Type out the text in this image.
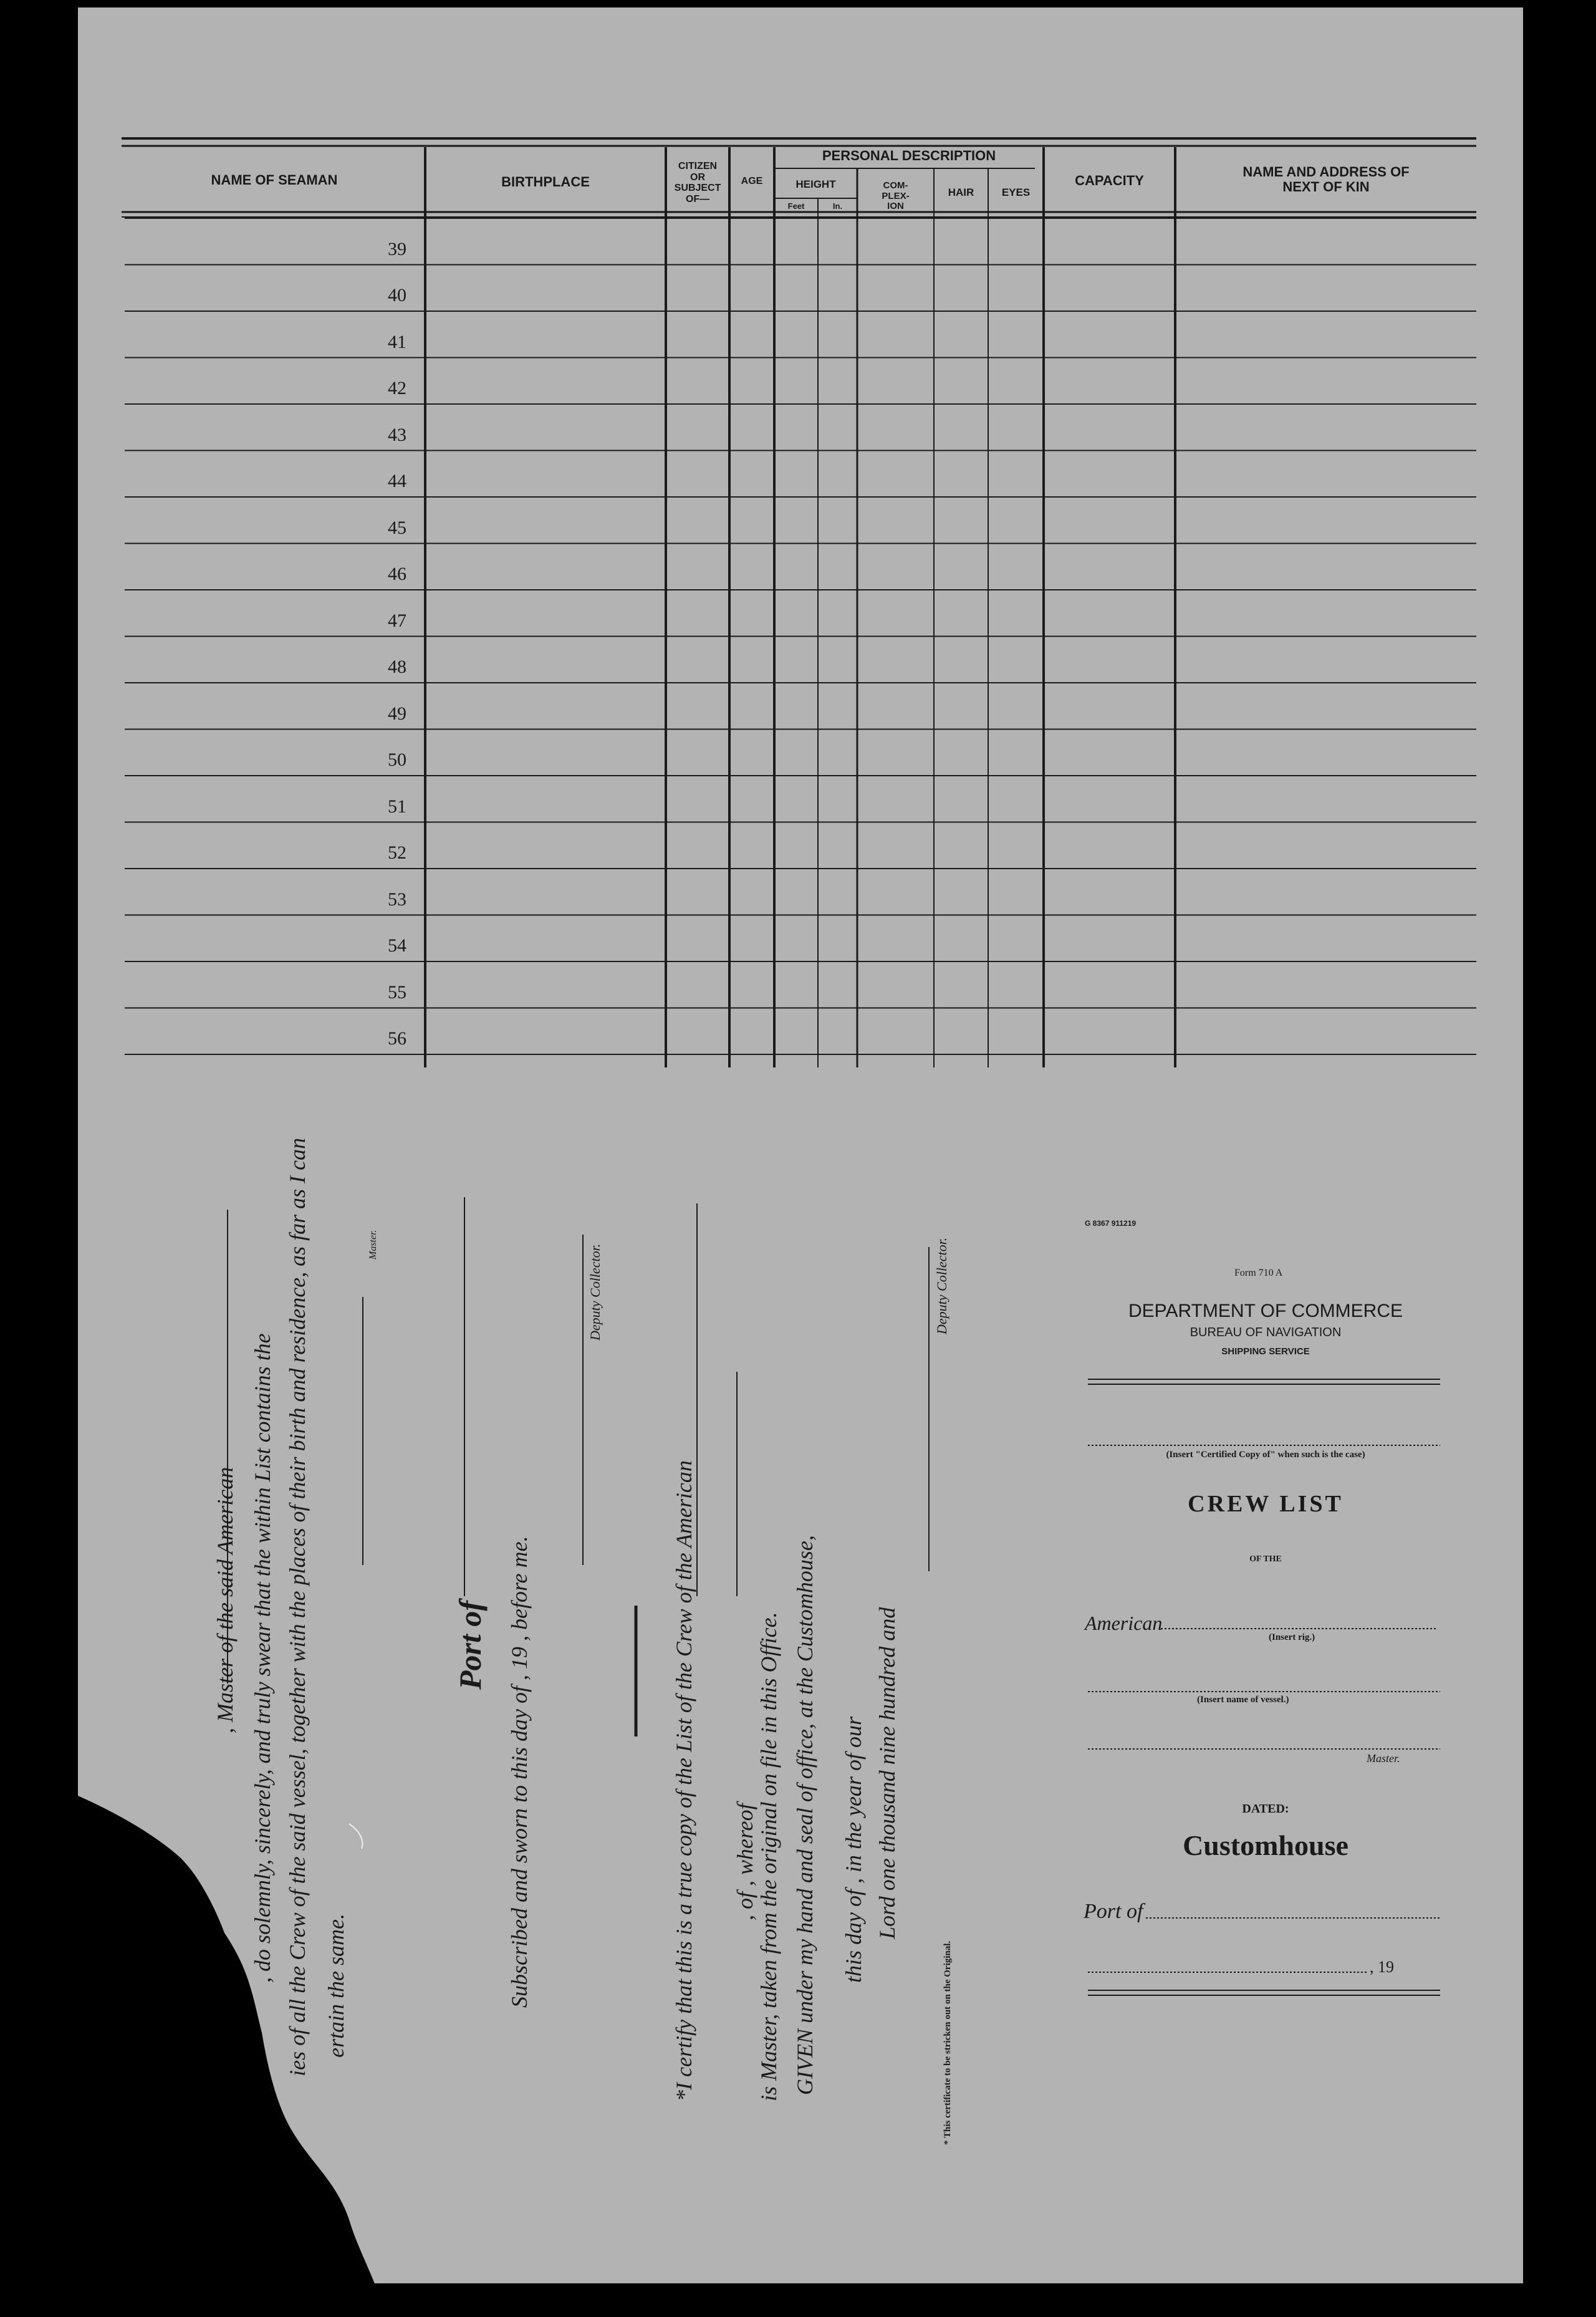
NAME OF SEAMAN	BIRTHPLACE
CITIZEN
OR
SUBJECT
OF—
AGE
PERSONAL DESCRIPTION
HEIGHT
Feet	In.
COM-
PLEX-
ION
HAIR	EYES
CAPACITY
NAME AND ADDRESS OF
NEXT OF KIN
39
40
41
42
43
44
45
46
47
48
49
50
51
52
53
54
55
56
, Master of the said American , do solemnly, sincerely, and truly swear that the within List contains the ies of all the Crew of the said vessel, together with the places of their birth and residence, as far as I can ertain the same.
Master.
Port of Subscribed and sworn to this day of , 19 , before me.
Deputy Collector.
*I certify that this is a true copy of the List of the Crew of the American , of , whereof
is Master, taken from the original on file in this Office. GIVEN under my hand and seal of office, at the Customhouse, this day of , in the year of our Lord one thousand nine hundred and
Deputy Collector.
* This certificate to be stricken out on the Original.
G 8367 911219
Form 710 A
DEPARTMENT OF COMMERCE
BUREAU OF NAVIGATION
SHIPPING SERVICE
(Insert "Certified Copy of" when such is the case)
CREW LIST
OF THE
American
(Insert rig.)
(Insert name of vessel.)
Master.
DATED:
Customhouse
Port of
, 19
